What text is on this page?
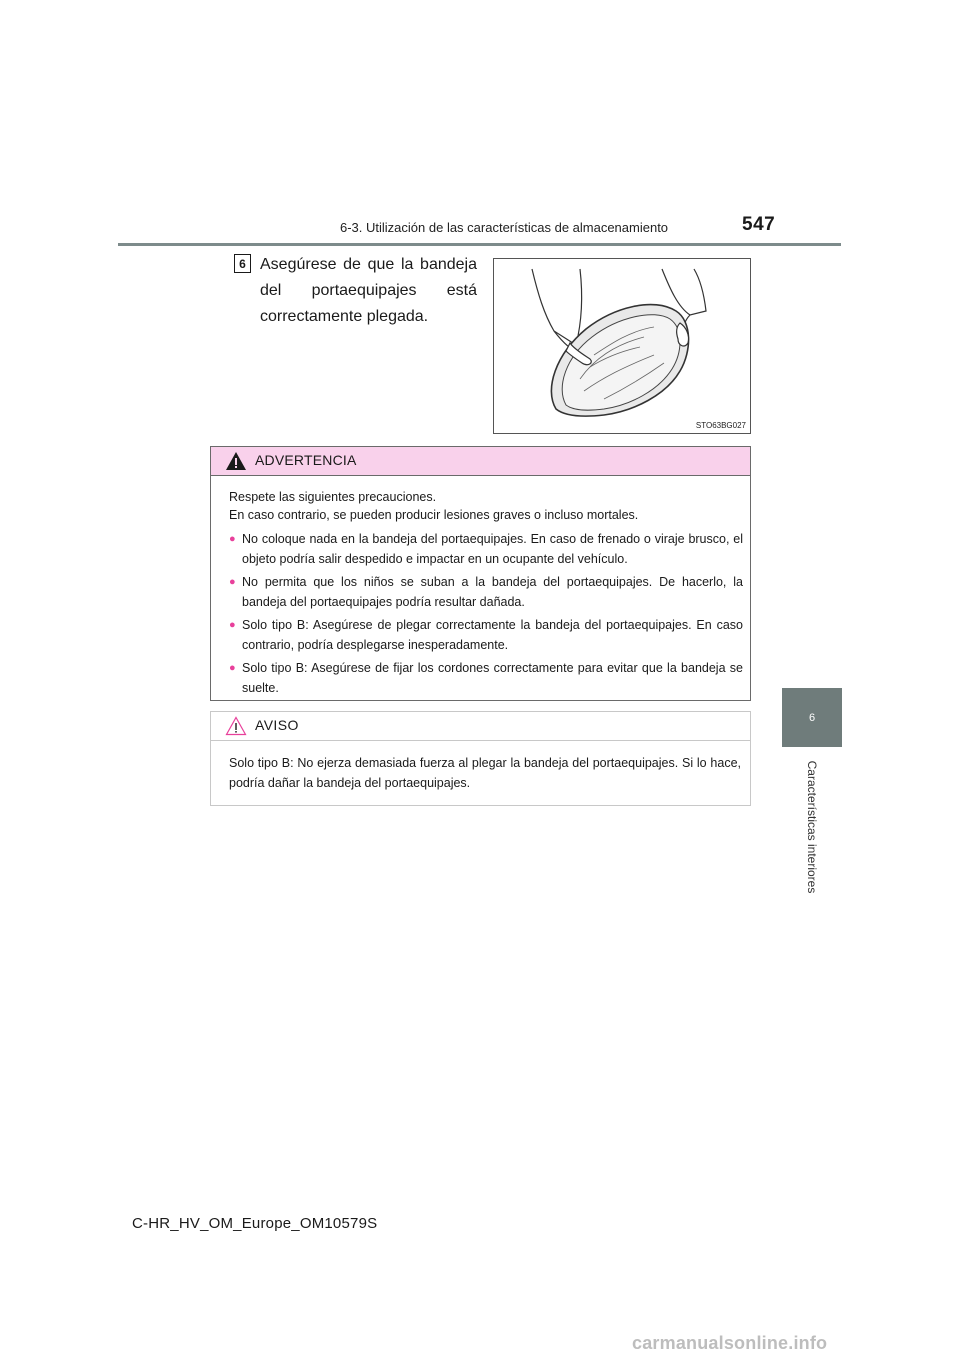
6-3. Utilización de las características de almacenamiento	547
6
Características interiores
6 Asegúrese de que la bandeja del portaequipajes está correctamente plegada.
STO63BG027
ADVERTENCIA
Respete las siguientes precauciones.
En caso contrario, se pueden producir lesiones graves o incluso mortales.
● No coloque nada en la bandeja del portaequipajes. En caso de frenado o viraje brusco, el objeto podría salir despedido e impactar en un ocupante del vehículo.
● No permita que los niños se suban a la bandeja del portaequipajes. De hacerlo, la bandeja del portaequipajes podría resultar dañada.
● Solo tipo B: Asegúrese de plegar correctamente la bandeja del portaequipajes. En caso contrario, podría desplegarse inesperadamente.
● Solo tipo B: Asegúrese de fijar los cordones correctamente para evitar que la bandeja se suelte.
AVISO
Solo tipo B: No ejerza demasiada fuerza al plegar la bandeja del portaequipajes. Si lo hace, podría dañar la bandeja del portaequipajes.
C-HR_HV_OM_Europe_OM10579S
carmanualsonline.info
